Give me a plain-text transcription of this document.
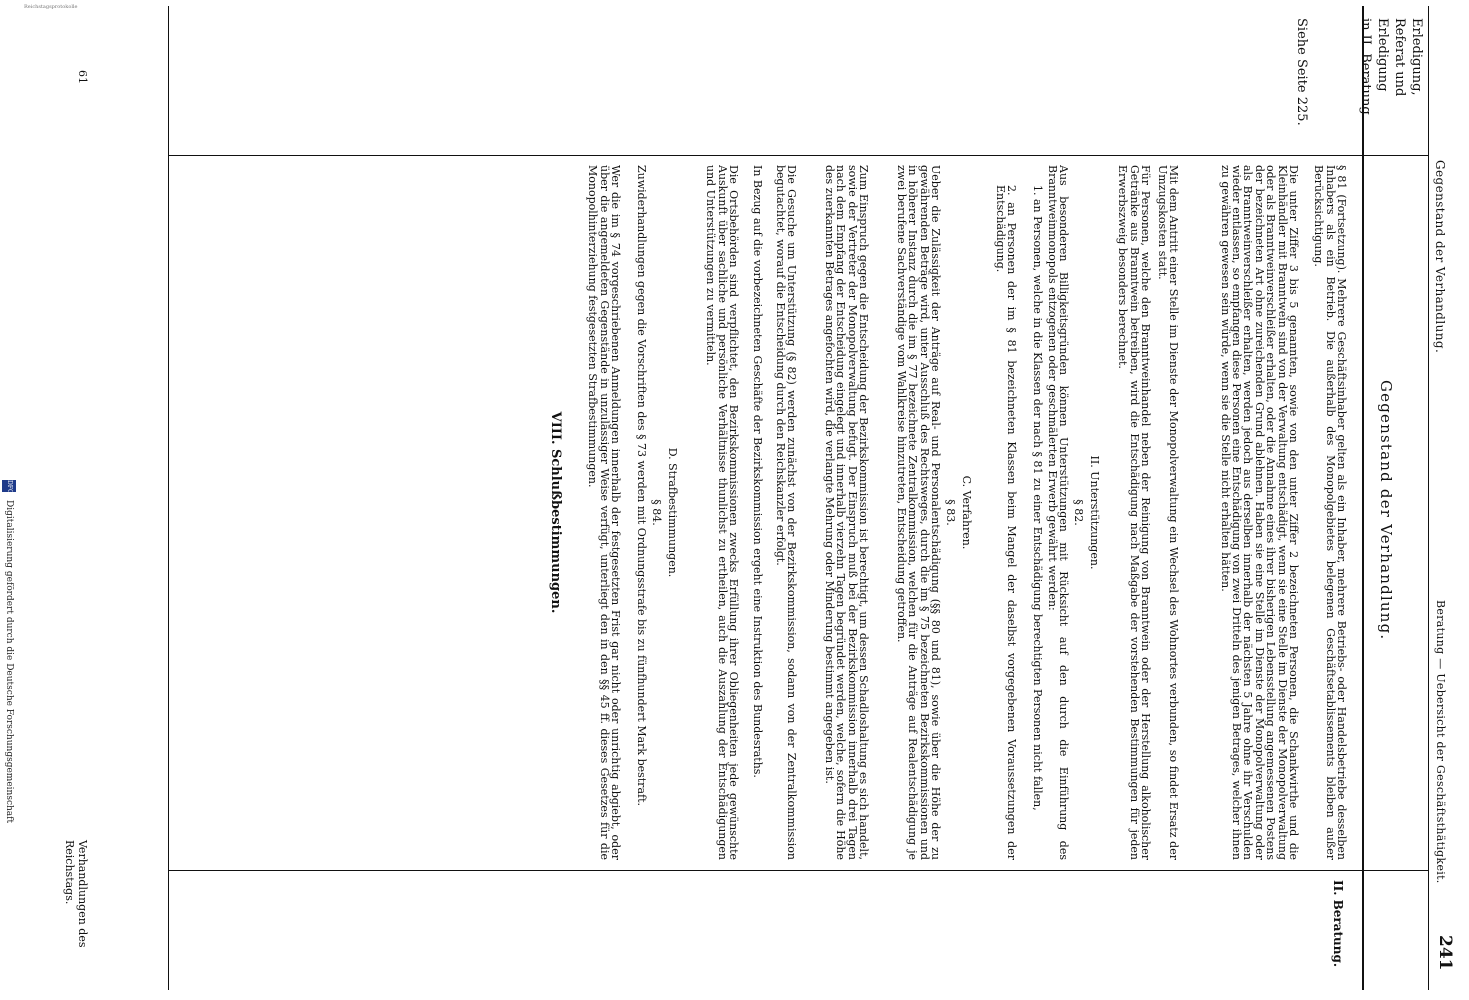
Reichstagsprotokolle
241
Beratung — Uebersicht der Geschäftsthätigkeit.
Gegenstand der Verhandlung.
Erledigung, Referat und
Erledigung
in II. Beratung.
Siehe Seite 225.
Gegenstand der Verhandlung.
II. Beratung.
§ 81 (Fortsetzung). Mehrere Geschäftsinhaber gelten als ein Inhaber, mehrere Betriebs- oder Handelsbetriebe desselben Inhabers als ein Betrieb. Die außerhalb des Monopolgebietes belegenen Geschäftsetablissements bleiben außer Berücksichtigung.
Die unter Ziffer 3 bis 5 genannten, sowie von den unter Ziffer 2 bezeichneten Personen, die Schankwirthe und die Kleinhändler mit Branntwein sind von der Verwaltung entschädigt, wenn sie eine Stelle im Dienste der Monopolverwaltung oder als Branntweinverschleißer erhalten, oder die Annahme eines ihrer bisherigen Lebensstellung angemessenen Postens der bezeichneten Art ohne zureichenden Grund ablehnen. Haben sie eine Stelle im Dienste der Monopolverwaltung oder als Branntweinverschleißer erhalten, werden jedoch aus derselben innerhalb der nächsten 5 Jahre ohne ihr Verschulden wieder entlassen, so empfangen diese Personen eine Entschädigung von zwei Dritteln des jenigen Betrages, welcher ihnen zu gewähren gewesen sein würde, wenn sie die Stelle nicht erhalten hätten.
Mit dem Antritt einer Stelle im Dienste der Monopolverwaltung ein Wechsel des Wohnortes verbunden, so findet Ersatz der Umzugskosten statt.
Für Personen, welche den Branntweinhandel neben der Reinigung von Branntwein oder der Herstellung alkoholischer Getränke aus Branntwein betreiben, wird die Entschädigung nach Maßgabe der vorstehenden Bestimmungen für jeden Erwerbszweig besonders berechnet.
II. Unterstützungen.
§ 82.
Aus besonderen Billigkeitsgründen können Unterstützungen mit Rücksicht auf den durch die Einführung des Branntweinmonopols entzogenen oder geschmälerten Erwerb gewährt werden:
1. an Personen, welche in die Klassen der nach § 81 zu einer Entschädigung berechtigten Personen nicht fallen,
2. an Personen der im § 81 bezeichneten Klassen beim Mangel der daselbst vorgegebenen Voraussetzungen der Entschädigung.
C. Verfahren.
§ 83.
Ueber die Zulässigkeit der Anträge auf Real- und Personalentschädigung (§§ 80 und 81), sowie über die Höhe der zu gewährenden Beträge wird, unter Ausschluß des Rechtsweges, durch die im § 75 bezeichneten Bezirkskommissionen und in höherer Instanz durch die im § 77 bezeichnete Zentralkommission, welchen für die Anträge auf Realentschädigung je zwei berufene Sachverständige vom Wahlkreise hinzutreten, Entscheidung getroffen.
Zum Einspruch gegen die Entscheidung der Bezirkskommission ist berechtigt, um dessen Schadloshaltung es sich handelt, sowie der Vertreter der Monopolverwaltung befugt. Der Einspruch muß bei der Bezirkskommission innerhalb drei Tagen nach dem Empfang der Entscheidung eingelegt und innerhalb vierzehn Tagen begründet werden, welche, sofern die Höhe des zuerkannten Betrages angefochten wird, die verlangte Mehrung oder Minderung bestimmt angegeben ist.
Die Gesuche um Unterstützung (§ 82) werden zunächst von der Bezirkskommission, sodann von der Zentralkommission begutachtet, worauf die Entscheidung durch den Reichskanzler erfolgt.
In Bezug auf die vorbezeichneten Geschäfte der Bezirkskommission ergeht eine Instruktion des Bundesraths.
Die Ortsbehörden sind verpflichtet, den Bezirkskommissionen zwecks Erfüllung ihrer Obliegenheiten jede gewünschte Auskunft über sachliche und persönliche Verhältnisse thunlichst zu ertheilen, auch die Auszahlung der Entschädigungen und Unterstützungen zu vermitteln.
D. Strafbestimmungen.
§ 84.
Zuwiderhandlungen gegen die Vorschriften des § 73 werden mit Ordnungsstrafe bis zu fünfhundert Mark bestraft.
Wer die im § 74 vorgeschriebenen Anmeldungen innerhalb der festgesetzten Frist gar nicht oder unrichtig abgiebt, oder über die angemeldeten Gegenstände in unzulässiger Weise verfügt, unterliegt den in den §§ 45 ff. dieses Gesetzes für die Monopolhinterziehung festgesetzten Strafbestimmungen.
VIII. Schlußbestimmungen.
Verhandlungen des Reichstags.
61
Digitalisierung gefördert durch die Deutsche Forschungsgemeinschaft
DFG
